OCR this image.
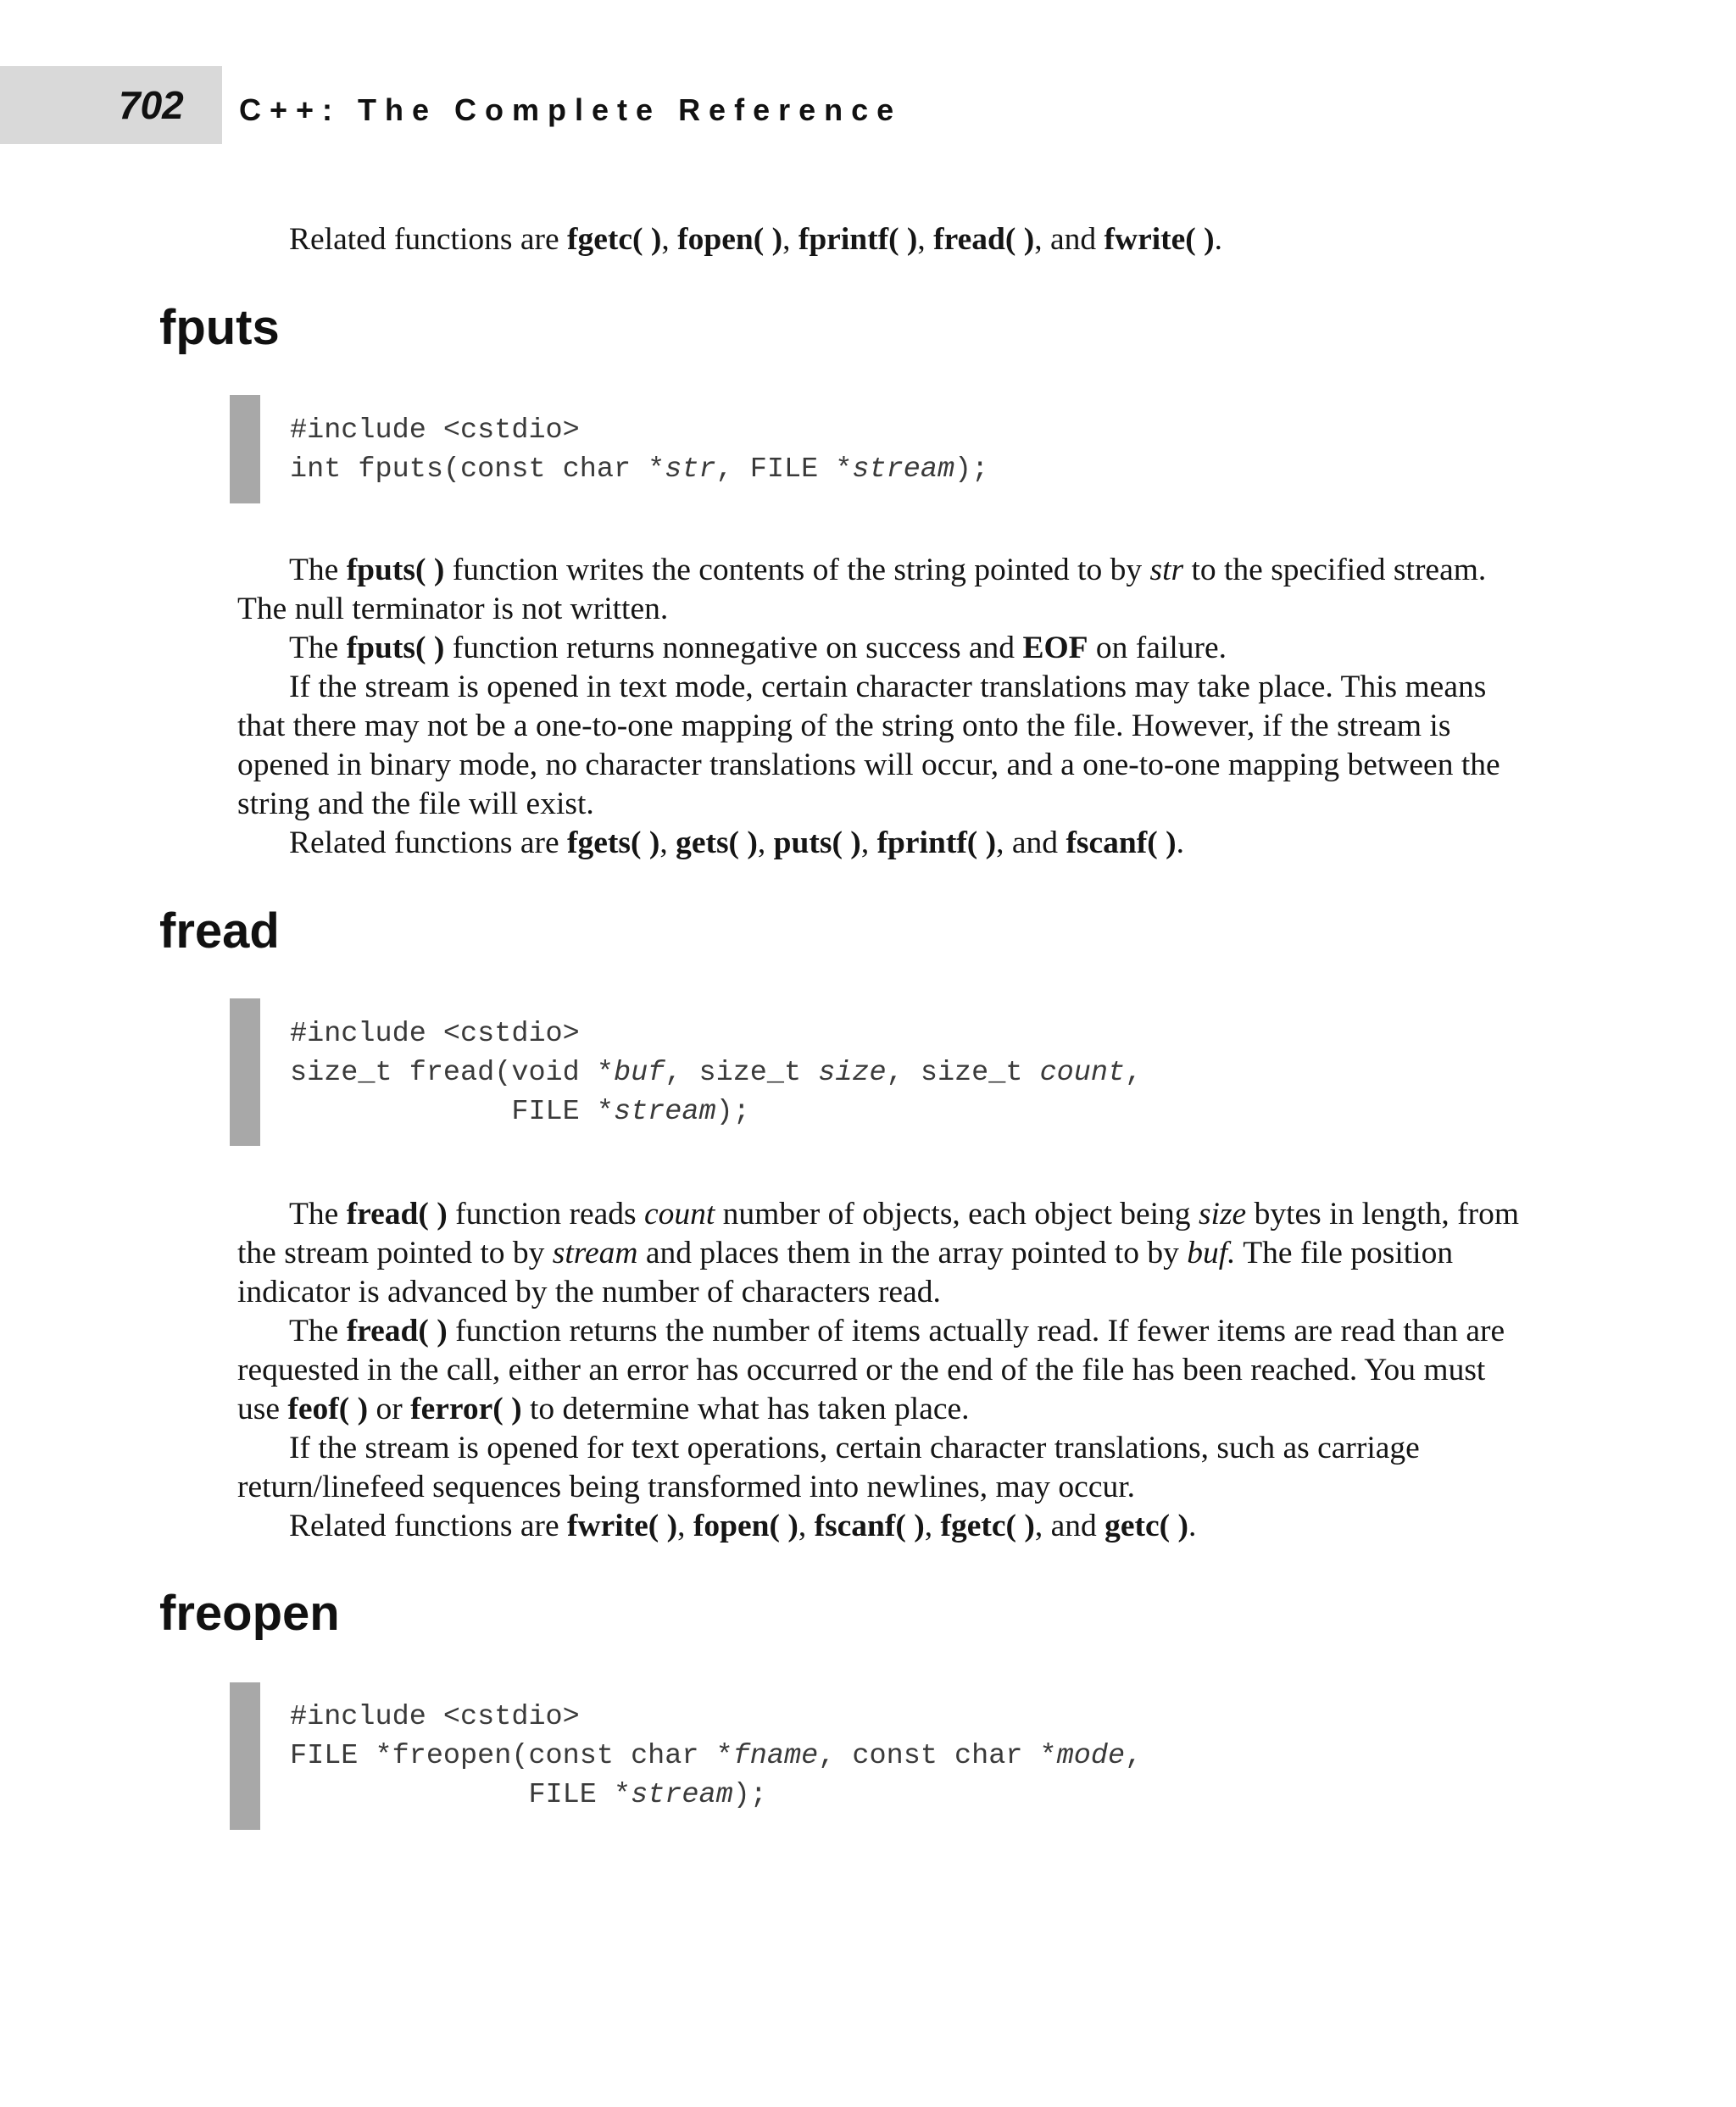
702 C++: The Complete Reference
Related functions are fgetc( ), fopen( ), fprintf( ), fread( ), and fwrite( ).
fputs
#include <cstdio>
int fputs(const char *str, FILE *stream);

The fputs( ) function writes the contents of the string pointed to by str to the specified stream. The null terminator is not written.

The fputs( ) function returns nonnegative on success and EOF on failure.

If the stream is opened in text mode, certain character translations may take place. This means that there may not be a one-to-one mapping of the string onto the file. However, if the stream is opened in binary mode, no character translations will occur, and a one-to-one mapping between the string and the file will exist.

Related functions are fgets( ), gets( ), puts( ), fprintf( ), and fscanf( ).

fread
#include <cstdio>
size_t fread(void *buf, size_t size, size_t count,
FILE *stream);

The fread( ) function reads count number of objects, each object being size bytes in length, from the stream pointed to by stream and places them in the array pointed to by buf. The file position indicator is advanced by the number of characters read.

The fread( ) function returns the number of items actually read. If fewer items are read than are requested in the call, either an error has occurred or the end of the file has been reached. You must use feof( ) or ferror( ) to determine what has taken place.

If the stream is opened for text operations, certain character translations, such as carriage return/linefeed sequences being transformed into newlines, may occur.

Related functions are fwrite( ), fopen( ), fscanf( ), fgetc( ), and getc( ).

freopen
#include <cstdio>
FILE *freopen(const char *fname, const char *mode,
FILE *stream);
